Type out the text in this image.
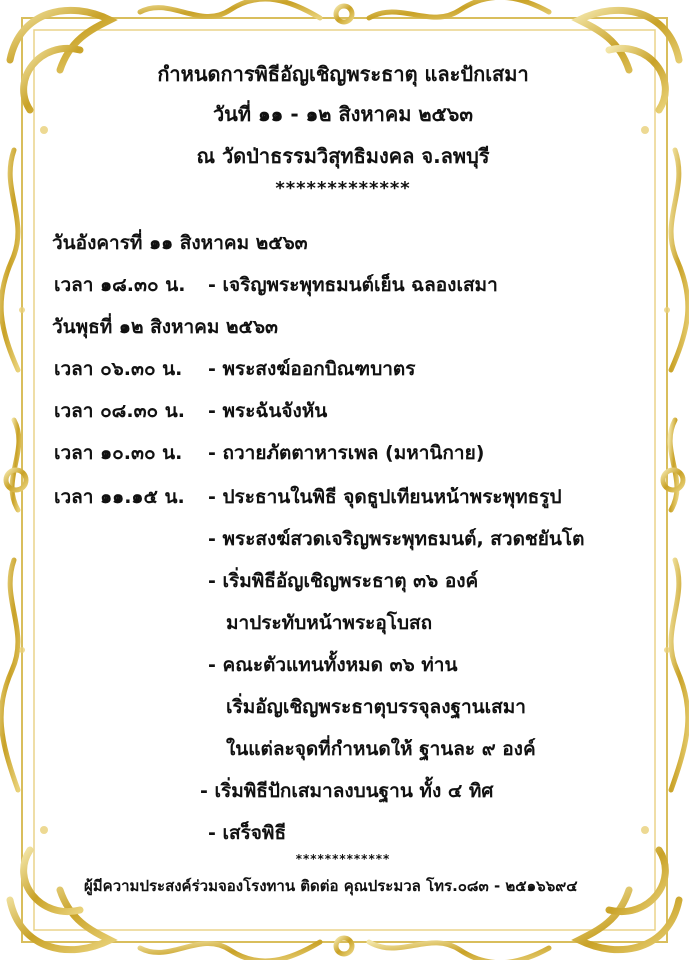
กำหนดการพิธีอัญเชิญพระธาตุ และปักเสมา
วันที่ ๑๑ - ๑๒ สิงหาคม ๒๕๖๓
ณ วัดป่าธรรมวิสุทธิมงคล จ.ลพบุรี
*************
วันอังคารที่ ๑๑ สิงหาคม ๒๕๖๓
เวลา ๑๘.๓๐ น. - เจริญพระพุทธมนต์เย็น ฉลองเสมา
วันพุธที่ ๑๒ สิงหาคม ๒๕๖๓
เวลา ๐๖.๓๐ น. - พระสงฆ์ออกบิณฑบาตร
เวลา ๐๘.๓๐ น. - พระฉันจังหัน
เวลา ๑๐.๓๐ น. - ถวายภัตตาหารเพล (มหานิกาย)
เวลา ๑๑.๑๕ น. - ประธานในพิธี จุดธูปเทียนหน้าพระพุทธรูป
- พระสงฆ์สวดเจริญพระพุทธมนต์, สวดชยันโต
- เริ่มพิธีอัญเชิญพระธาตุ ๓๖ องค์
มาประทับหน้าพระอุโบสถ
- คณะตัวแทนทั้งหมด ๓๖ ท่าน
เริ่มอัญเชิญพระธาตุบรรจุลงฐานเสมา
ในแต่ละจุดที่กำหนดให้ ฐานละ ๙ องค์
- เริ่มพิธีปักเสมาลงบนฐาน ทั้ง ๔ ทิศ
- เสร็จพิธี
*************
ผู้มีความประสงค์ร่วมจองโรงทาน ติดต่อ คุณประมวล โทร.๐๘๓ - ๒๕๑๖๖๙๔
